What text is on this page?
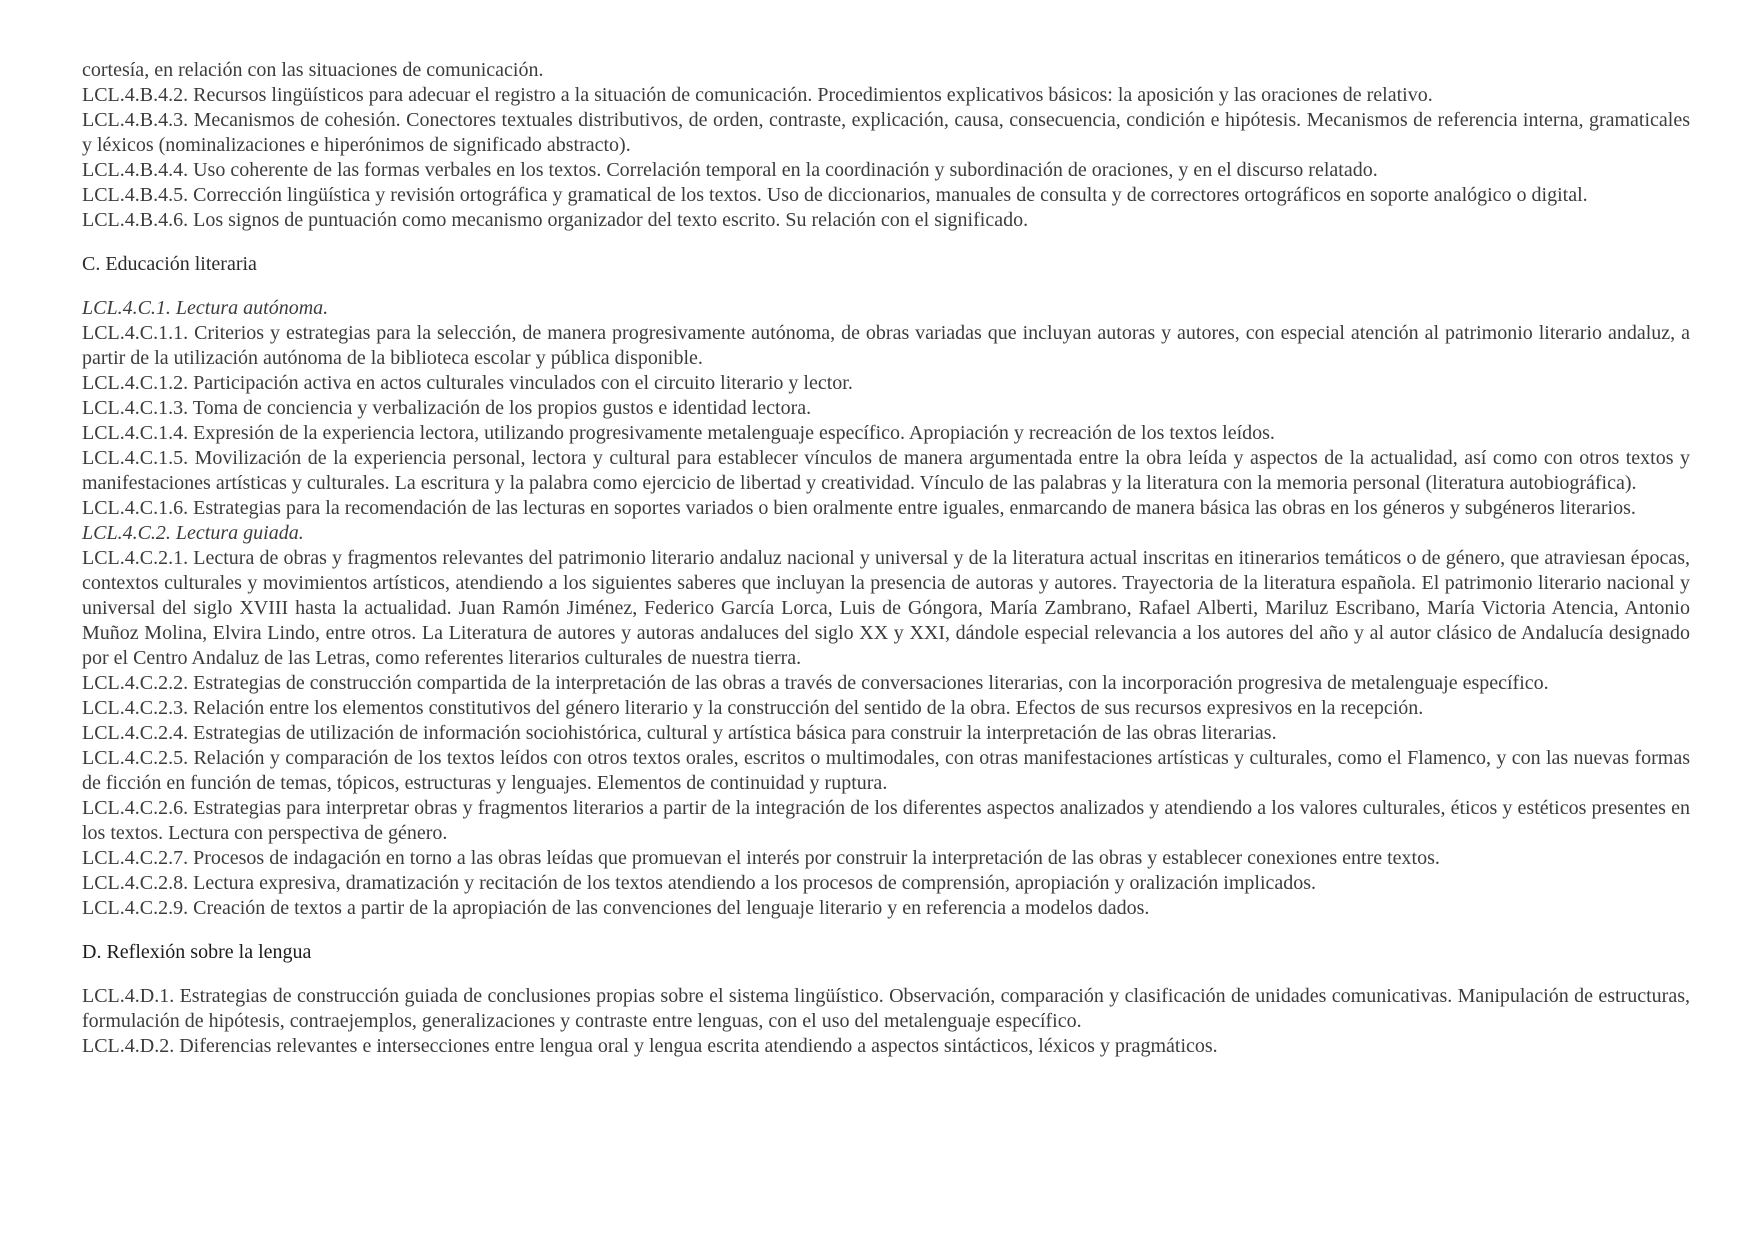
cortesía, en relación con las situaciones de comunicación.

LCL.4.B.4.2. Recursos lingüísticos para adecuar el registro a la situación de comunicación. Procedimientos explicativos básicos: la aposición y las oraciones de relativo.

LCL.4.B.4.3. Mecanismos de cohesión. Conectores textuales distributivos, de orden, contraste, explicación, causa, consecuencia, condición e hipótesis. Mecanismos de referencia interna, gramaticales y léxicos (nominalizaciones e hiperónimos de significado abstracto).

LCL.4.B.4.4. Uso coherente de las formas verbales en los textos. Correlación temporal en la coordinación y subordinación de oraciones, y en el discurso relatado.

LCL.4.B.4.5. Corrección lingüística y revisión ortográfica y gramatical de los textos. Uso de diccionarios, manuales de consulta y de correctores ortográficos en soporte analógico o digital.

LCL.4.B.4.6. Los signos de puntuación como mecanismo organizador del texto escrito. Su relación con el significado.

C. Educación literaria

LCL.4.C.1. Lectura autónoma.

LCL.4.C.1.1. Criterios y estrategias para la selección, de manera progresivamente autónoma, de obras variadas que incluyan autoras y autores, con especial atención al patrimonio literario andaluz, a partir de la utilización autónoma de la biblioteca escolar y pública disponible.

LCL.4.C.1.2. Participación activa en actos culturales vinculados con el circuito literario y lector.

LCL.4.C.1.3. Toma de conciencia y verbalización de los propios gustos e identidad lectora.

LCL.4.C.1.4. Expresión de la experiencia lectora, utilizando progresivamente metalenguaje específico. Apropiación y recreación de los textos leídos.

LCL.4.C.1.5. Movilización de la experiencia personal, lectora y cultural para establecer vínculos de manera argumentada entre la obra leída y aspectos de la actualidad, así como con otros textos y manifestaciones artísticas y culturales. La escritura y la palabra como ejercicio de libertad y creatividad. Vínculo de las palabras y la literatura con la memoria personal (literatura autobiográfica).

LCL.4.C.1.6. Estrategias para la recomendación de las lecturas en soportes variados o bien oralmente entre iguales, enmarcando de manera básica las obras en los géneros y subgéneros literarios.

LCL.4.C.2. Lectura guiada.

LCL.4.C.2.1. Lectura de obras y fragmentos relevantes del patrimonio literario andaluz nacional y universal y de la literatura actual inscritas en itinerarios temáticos o de género, que atraviesan épocas, contextos culturales y movimientos artísticos, atendiendo a los siguientes saberes que incluyan la presencia de autoras y autores. Trayectoria de la literatura española. El patrimonio literario nacional y universal del siglo XVIII hasta la actualidad. Juan Ramón Jiménez, Federico García Lorca, Luis de Góngora, María Zambrano, Rafael Alberti, Mariluz Escribano, María Victoria Atencia, Antonio Muñoz Molina, Elvira Lindo, entre otros. La Literatura de autores y autoras andaluces del siglo XX y XXI, dándole especial relevancia a los autores del año y al autor clásico de Andalucía designado por el Centro Andaluz de las Letras, como referentes literarios culturales de nuestra tierra.

LCL.4.C.2.2. Estrategias de construcción compartida de la interpretación de las obras a través de conversaciones literarias, con la incorporación progresiva de metalenguaje específico.

LCL.4.C.2.3. Relación entre los elementos constitutivos del género literario y la construcción del sentido de la obra. Efectos de sus recursos expresivos en la recepción.

LCL.4.C.2.4. Estrategias de utilización de información sociohistórica, cultural y artística básica para construir la interpretación de las obras literarias.

LCL.4.C.2.5. Relación y comparación de los textos leídos con otros textos orales, escritos o multimodales, con otras manifestaciones artísticas y culturales, como el Flamenco, y con las nuevas formas de ficción en función de temas, tópicos, estructuras y lenguajes. Elementos de continuidad y ruptura.

LCL.4.C.2.6. Estrategias para interpretar obras y fragmentos literarios a partir de la integración de los diferentes aspectos analizados y atendiendo a los valores culturales, éticos y estéticos presentes en los textos. Lectura con perspectiva de género.

LCL.4.C.2.7. Procesos de indagación en torno a las obras leídas que promuevan el interés por construir la interpretación de las obras y establecer conexiones entre textos.

LCL.4.C.2.8. Lectura expresiva, dramatización y recitación de los textos atendiendo a los procesos de comprensión, apropiación y oralización implicados.

LCL.4.C.2.9. Creación de textos a partir de la apropiación de las convenciones del lenguaje literario y en referencia a modelos dados.

D. Reflexión sobre la lengua

LCL.4.D.1. Estrategias de construcción guiada de conclusiones propias sobre el sistema lingüístico. Observación, comparación y clasificación de unidades comunicativas. Manipulación de estructuras, formulación de hipótesis, contraejemplos, generalizaciones y contraste entre lenguas, con el uso del metalenguaje específico.

LCL.4.D.2. Diferencias relevantes e intersecciones entre lengua oral y lengua escrita atendiendo a aspectos sintácticos, léxicos y pragmáticos.
